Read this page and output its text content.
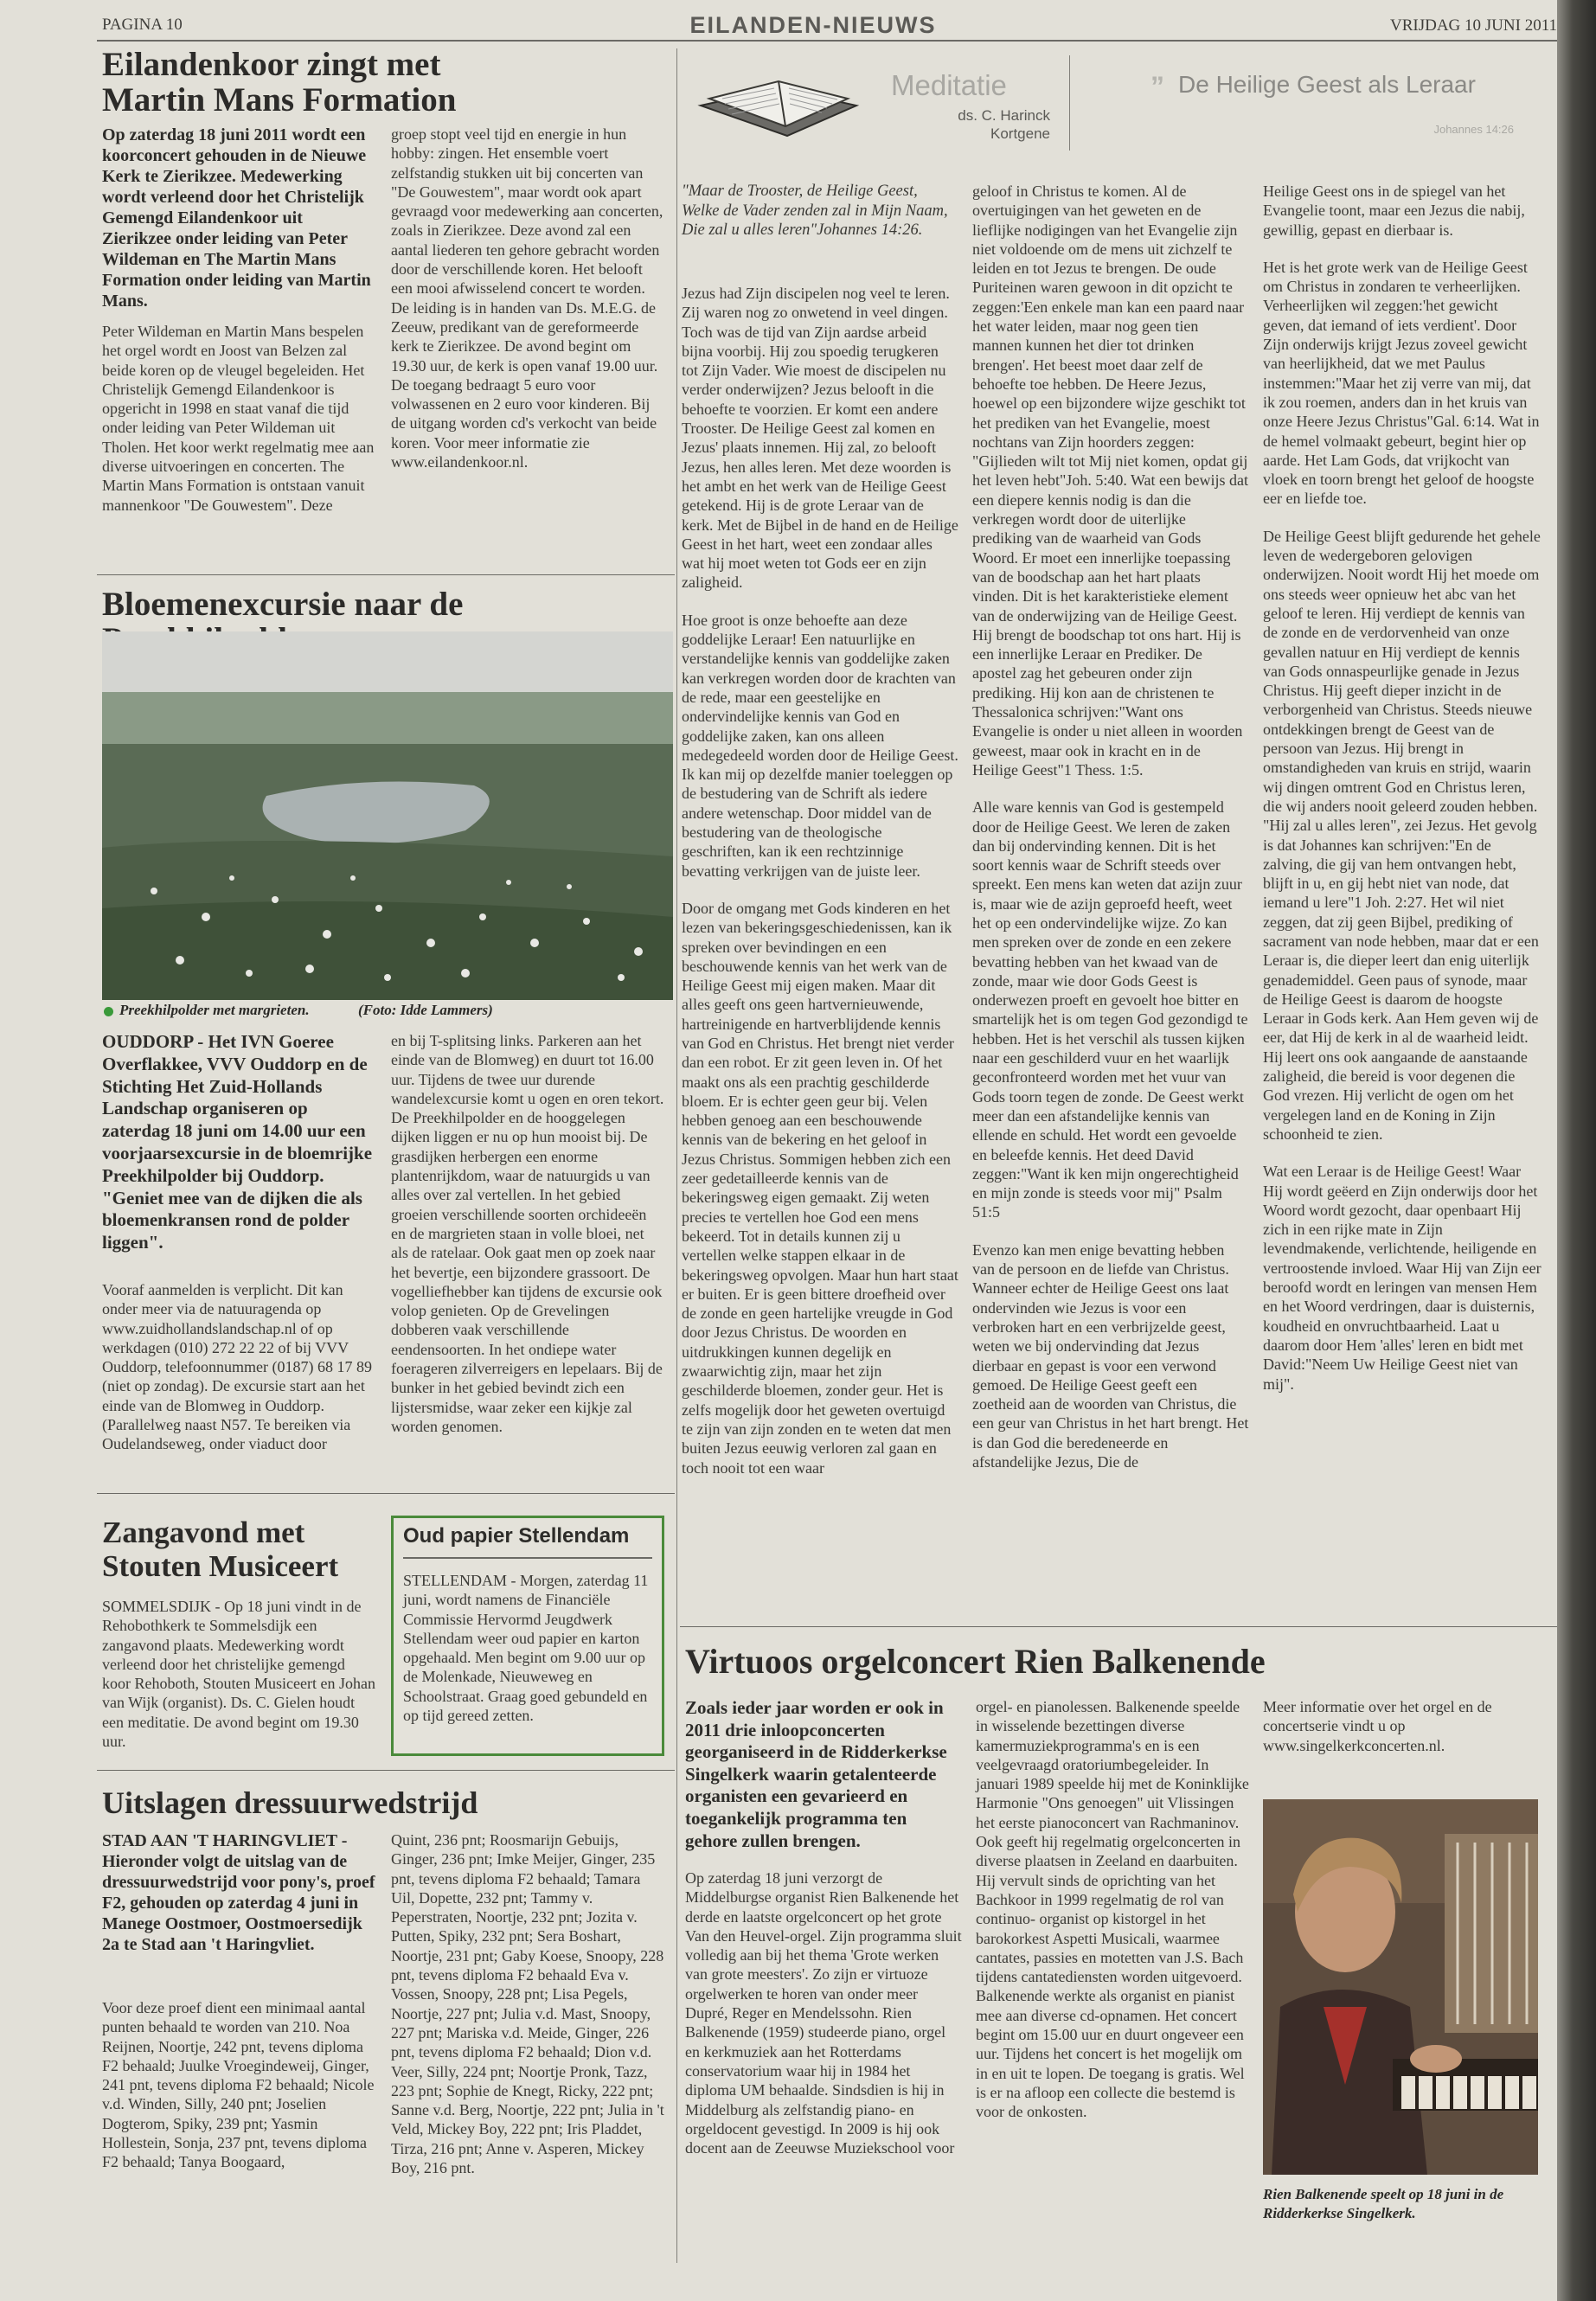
PAGINA 10	EILANDEN-NIEUWS	VRIJDAG 10 JUNI 2011
Eilandenkoor zingt met Martin Mans Formation
Op zaterdag 18 juni 2011 wordt een koorconcert gehouden in de Nieuwe Kerk te Zierikzee. Medewerking wordt verleend door het Christelijk Gemengd Eilandenkoor uit Zierikzee onder leiding van Peter Wildeman en The Martin Mans Formation onder leiding van Martin Mans.
Peter Wildeman en Martin Mans bespelen het orgel wordt en Joost van Belzen zal beide koren op de vleugel begeleiden. Het Christelijk Gemengd Eilandenkoor is opgericht in 1998 en staat vanaf die tijd onder leiding van Peter Wildeman uit Tholen. Het koor werkt regelmatig mee aan diverse uitvoeringen en concerten. The Martin Mans Formation is ontstaan vanuit mannenkoor "De Gouwestem". Deze
groep stopt veel tijd en energie in hun hobby: zingen. Het ensemble voert zelfstandig stukken uit bij concerten van "De Gouwestem", maar wordt ook apart gevraagd voor medewerking aan concerten, zoals in Zierikzee. Deze avond zal een aantal liederen ten gehore gebracht worden door de verschillende koren. Het belooft een mooi afwisselend concert te worden. De leiding is in handen van Ds. M.E.G. de Zeeuw, predikant van de gereformeerde kerk te Zierikzee. De avond begint om 19.30 uur, de kerk is open vanaf 19.00 uur. De toegang bedraagt 5 euro voor volwassenen en 2 euro voor kinderen. Bij de uitgang worden cd's verkocht van beide koren. Voor meer informatie zie www.eilandenkoor.nl.
Bloemenexcursie naar de
Preekhilpolder met margrieten.	(Foto: Idde Lammers)
OUDDORP - Het IVN Goeree Overflakkee, VVV Ouddorp en de Stichting Het Zuid-Hollands Landschap organiseren op zaterdag 18 juni om 14.00 uur een voorjaarsexcursie in de bloemrijke Preekhilpolder bij Ouddorp. "Geniet mee van de dijken die als bloemenkransen rond de polder liggen".
Vooraf aanmelden is verplicht. Dit kan onder meer via de natuuragenda op www.zuidhollandslandschap.nl of op werkdagen (010) 272 22 22 of bij VVV Ouddorp, telefoonnummer (0187) 68 17 89 (niet op zondag). De excursie start aan het einde van de Blomweg in Ouddorp. (Parallelweg naast N57. Te bereiken via Oudelandseweg, onder viaduct door
en bij T-splitsing links. Parkeren aan het einde van de Blomweg) en duurt tot 16.00 uur. Tijdens de twee uur durende wandelexcursie komt u ogen en oren tekort. De Preekhilpolder en de hooggelegen dijken liggen er nu op hun mooist bij. De grasdijken herbergen een enorme plantenrijkdom, waar de natuurgids u van alles over zal vertellen. In het gebied groeien verschillende soorten orchideeën en de margrieten staan in volle bloei, net als de ratelaar. Ook gaat men op zoek naar het bevertje, een bijzondere grassoort. De vogelliefhebber kan tijdens de excursie ook volop genieten. Op de Grevelingen dobberen vaak verschillende eendensoorten. In het ondiepe water foerageren zilverreigers en lepelaars. Bij de bunker in het gebied bevindt zich een lijstersmidse, waar zeker een kijkje zal worden genomen.
Zangavond met Stouten Musiceert
SOMMELSDIJK - Op 18 juni vindt in de Rehobothkerk te Sommelsdijk een zangavond plaats. Medewerking wordt verleend door het christelijke gemengd koor Rehoboth, Stouten Musiceert en Johan van Wijk (organist). Ds. C. Gielen houdt een meditatie. De avond begint om 19.30 uur.
Oud papier Stellendam
STELLENDAM - Morgen, zaterdag 11 juni, wordt namens de Financiële Commissie Hervormd Jeugdwerk Stellendam weer oud papier en karton opgehaald. Men begint om 9.00 uur op de Molenkade, Nieuweweg en Schoolstraat. Graag goed gebundeld en op tijd gereed zetten.
Uitslagen dressuurwedstrijd
STAD AAN 'T HARINGVLIET - Hieronder volgt de uitslag van de dressuurwedstrijd voor pony's, proef F2, gehouden op zaterdag 4 juni in Manege Oostmoer, Oostmoersedijk 2a te Stad aan 't Haringvliet.
Voor deze proef dient een minimaal aantal punten behaald te worden van 210. Noa Reijnen, Noortje, 242 pnt, tevens diploma F2 behaald; Juulke Vroegindeweij, Ginger, 241 pnt, tevens diploma F2 behaald; Nicole v.d. Winden, Silly, 240 pnt; Joselien Dogterom, Spiky, 239 pnt; Yasmin Hollestein, Sonja, 237 pnt, tevens diploma F2 behaald; Tanya Boogaard,
Quint, 236 pnt; Roosmarijn Gebuijs, Ginger, 236 pnt; Imke Meijer, Ginger, 235 pnt, tevens diploma F2 behaald; Tamara Uil, Dopette, 232 pnt; Tammy v. Peperstraten, Noortje, 232 pnt; Jozita v. Putten, Spiky, 232 pnt; Sera Boshart, Noortje, 231 pnt; Gaby Koese, Snoopy, 228 pnt, tevens diploma F2 behaald Eva v. Vossen, Snoopy, 228 pnt; Lisa Pegels, Noortje, 227 pnt; Julia v.d. Mast, Snoopy, 227 pnt; Mariska v.d. Meide, Ginger, 226 pnt, tevens diploma F2 behaald; Dion v.d. Veer, Silly, 224 pnt; Noortje Pronk, Tazz, 223 pnt; Sophie de Knegt, Ricky, 222 pnt; Sanne v.d. Berg, Noortje, 222 pnt; Julia in 't Veld, Mickey Boy, 222 pnt; Iris Pladdet, Tirza, 216 pnt; Anne v. Asperen, Mickey Boy, 216 pnt.
Meditatie
ds. C. Harinck
Kortgene
” De Heilige Geest als Leraar
Johannes 14:26
"Maar de Trooster, de Heilige Geest, Welke de Vader zenden zal in Mijn Naam, Die zal u alles leren"Johannes 14:26.

Jezus had Zijn discipelen nog veel te leren. Zij waren nog zo onwetend in veel dingen. Toch was de tijd van Zijn aardse arbeid bijna voorbij. Hij zou spoedig terugkeren tot Zijn Vader. Wie moest de discipelen nu verder onderwijzen? Jezus belooft in die behoefte te voorzien. Er komt een andere Trooster. De Heilige Geest zal komen en Jezus' plaats innemen. Hij zal, zo belooft Jezus, hen alles leren. Met deze woorden is het ambt en het werk van de Heilige Geest getekend. Hij is de grote Leraar van de kerk. Met de Bijbel in de hand en de Heilige Geest in het hart, weet een zondaar alles wat hij moet weten tot Gods eer en zijn zaligheid.

Hoe groot is onze behoefte aan deze goddelijke Leraar! Een natuurlijke en verstandelijke kennis van goddelijke zaken kan verkregen worden door de krachten van de rede, maar een geestelijke en ondervindelijke kennis van God en goddelijke zaken, kan ons alleen medegedeeld worden door de Heilige Geest. Ik kan mij op dezelfde manier toeleggen op de bestudering van de Schrift als iedere andere wetenschap. Door middel van de bestudering van de theologische geschriften, kan ik een rechtzinnige bevatting verkrijgen van de juiste leer.

Door de omgang met Gods kinderen en het lezen van bekeringsgeschiedenissen, kan ik spreken over bevindingen en een beschouwende kennis van het werk van de Heilige Geest mij eigen maken. Maar dit alles geeft ons geen hartvernieuwende, hartreinigende en hartverblijdende kennis van God en Christus. Het brengt niet verder dan een robot. Er zit geen leven in. Of het maakt ons als een prachtig geschilderde bloem. Er is echter geen geur bij. Velen hebben genoeg aan een beschouwende kennis van de bekering en het geloof in Jezus Christus. Sommigen hebben zich een zeer gedetailleerde kennis van de bekeringsweg eigen gemaakt. Zij weten precies te vertellen hoe God een mens bekeerd. Tot in details kunnen zij u vertellen welke stappen elkaar in de bekeringsweg opvolgen. Maar hun hart staat er buiten. Er is geen bittere droefheid over de zonde en geen hartelijke vreugde in God door Jezus Christus. De woorden en uitdrukkingen kunnen degelijk en zwaarwichtig zijn, maar het zijn geschilderde bloemen, zonder geur. Het is zelfs mogelijk door het geweten overtuigd te zijn van zijn zonden en te weten dat men buiten Jezus eeuwig verloren zal gaan en toch nooit tot een waar

geloof in Christus te komen. Al de overtuigingen van het geweten en de lieflijke nodigingen van het Evangelie zijn niet voldoende om de mens uit zichzelf te leiden en tot Jezus te brengen. De oude Puriteinen waren gewoon in dit opzicht te zeggen:'Een enkele man kan een paard naar het water leiden, maar nog geen tien mannen kunnen het dier tot drinken brengen'. Het beest moet daar zelf de behoefte toe hebben. De Heere Jezus, hoewel op een bijzondere wijze geschikt tot het prediken van het Evangelie, moest nochtans van Zijn hoorders zeggen: "Gijlieden wilt tot Mij niet komen, opdat gij het leven hebt"Joh. 5:40. Wat een bewijs dat een diepere kennis nodig is dan die verkregen wordt door de uiterlijke prediking van de waarheid van Gods Woord. Er moet een innerlijke toepassing van de boodschap aan het hart plaats vinden. Dit is het karakteristieke element van de onderwijzing van de Heilige Geest. Hij brengt de boodschap tot ons hart. Hij is een innerlijke Leraar en Prediker. De apostel zag het gebeuren onder zijn prediking. Hij kon aan de christenen te Thessalonica schrijven:"Want ons Evangelie is onder u niet alleen in woorden geweest, maar ook in kracht en in de Heilige Geest"1 Thess. 1:5.

Alle ware kennis van God is gestempeld door de Heilige Geest. We leren de zaken dan bij ondervinding kennen. Dit is het soort kennis waar de Schrift steeds over spreekt. Een mens kan weten dat azijn zuur is, maar wie de azijn geproefd heeft, weet het op een ondervindelijke wijze. Zo kan men spreken over de zonde en een zekere bevatting hebben van het kwaad van de zonde, maar wie door Gods Geest is onderwezen proeft en gevoelt hoe bitter en smartelijk het is om tegen God gezondigd te hebben. Het is het verschil als tussen kijken naar een geschilderd vuur en het waarlijk geconfronteerd worden met het vuur van Gods toorn tegen de zonde. De Geest werkt meer dan een afstandelijke kennis van ellende en schuld. Het wordt een gevoelde en beleefde kennis. Het deed David zeggen:"Want ik ken mijn ongerechtigheid en mijn zonde is steeds voor mij" Psalm 51:5

Evenzo kan men enige bevatting hebben van de persoon en de liefde van Christus. Wanneer echter de Heilige Geest ons laat ondervinden wie Jezus is voor een verbroken hart en een verbrijzelde geest, weten we bij ondervinding dat Jezus dierbaar en gepast is voor een verwond gemoed. De Heilige Geest geeft een zoetheid aan de woorden van Christus, die een geur van Christus in het hart brengt. Het is dan God die beredeneerde en afstandelijke Jezus, Die de

Heilige Geest ons in de spiegel van het Evangelie toont, maar een Jezus die nabij, gewillig, gepast en dierbaar is.

Het is het grote werk van de Heilige Geest om Christus in zondaren te verheerlijken. Verheerlijken wil zeggen:'het gewicht geven, dat iemand of iets verdient'. Door Zijn onderwijs krijgt Jezus zoveel gewicht van heerlijkheid, dat we met Paulus instemmen:"Maar het zij verre van mij, dat ik zou roemen, anders dan in het kruis van onze Heere Jezus Christus"Gal. 6:14. Wat in de hemel volmaakt gebeurt, begint hier op aarde. Het Lam Gods, dat vrijkocht van vloek en toorn brengt het geloof de hoogste eer en liefde toe.

De Heilige Geest blijft gedurende het gehele leven de wedergeboren gelovigen onderwijzen. Nooit wordt Hij het moede om ons steeds weer opnieuw het abc van het geloof te leren. Hij verdiept de kennis van de zonde en de verdorvenheid van onze gevallen natuur en Hij verdiept de kennis van Gods onnaspeurlijke genade in Jezus Christus. Hij geeft dieper inzicht in de verborgenheid van Christus. Steeds nieuwe ontdekkingen brengt de Geest van de persoon van Jezus. Hij brengt in omstandigheden van kruis en strijd, waarin wij dingen omtrent God en Christus leren, die wij anders nooit geleerd zouden hebben. "Hij zal u alles leren", zei Jezus. Het gevolg is dat Johannes kan schrijven:"En de zalving, die gij van hem ontvangen hebt, blijft in u, en gij hebt niet van node, dat iemand u lere"1 Joh. 2:27. Het wil niet zeggen, dat zij geen Bijbel, prediking of sacrament van node hebben, maar dat er een Leraar is, die dieper leert dan enig uiterlijk genademiddel. Geen paus of synode, maar de Heilige Geest is daarom de hoogste Leraar in Gods kerk. Aan Hem geven wij de eer, dat Hij de kerk in al de waarheid leidt. Hij leert ons ook aangaande de aanstaande zaligheid, die bereid is voor degenen die God vrezen. Hij verlicht de ogen om het vergelegen land en de Koning in Zijn schoonheid te zien.

Wat een Leraar is de Heilige Geest! Waar Hij wordt geëerd en Zijn onderwijs door het Woord wordt gezocht, daar openbaart Hij zich in een rijke mate in Zijn levendmakende, verlichtende, heiligende en vertroostende invloed. Waar Hij van Zijn eer beroofd wordt en leringen van mensen Hem en het Woord verdringen, daar is duisternis, koudheid en onvruchtbaarheid. Laat u daarom door Hem 'alles' leren en bidt met David:"Neem Uw Heilige Geest niet van mij".

Virtuoos orgelconcert Rien Balkenende
Zoals ieder jaar worden er ook in 2011 drie inloopconcerten georganiseerd in de Ridderkerkse Singelkerk waarin getalenteerde organisten een gevarieerd en toegankelijk programma ten gehore zullen brengen.
Op zaterdag 18 juni verzorgt de Middelburgse organist Rien Balkenende het derde en laatste orgelconcert op het grote Van den Heuvel-orgel. Zijn programma sluit volledig aan bij het thema 'Grote werken van grote meesters'. Zo zijn er virtuoze orgelwerken te horen van onder meer Dupré, Reger en Mendelssohn. Rien Balkenende (1959) studeerde piano, orgel en kerkmuziek aan het Rotterdams conservatorium waar hij in 1984 het diploma UM behaalde. Sindsdien is hij in Middelburg als zelfstandig piano- en orgeldocent gevestigd. In 2009 is hij ook docent aan de Zeeuwse Muziekschool voor
orgel- en pianolessen. Balkenende speelde in wisselende bezettingen diverse kamermuziekprogramma's en is een veelgevraagd oratoriumbegeleider. In januari 1989 speelde hij met de Koninklijke Harmonie "Ons genoegen" uit Vlissingen het eerste pianoconcert van Rachmaninov. Ook geeft hij regelmatig orgelconcerten in diverse plaatsen in Zeeland en daarbuiten. Hij vervult sinds de oprichting van het Bachkoor in 1999 regelmatig de rol van continuo- organist op kistorgel in het barokorkest Aspetti Musicali, waarmee cantates, passies en motetten van J.S. Bach tijdens cantatediensten worden uitgevoerd. Balkenende werkte als organist en pianist mee aan diverse cd-opnamen. Het concert begint om 15.00 uur en duurt ongeveer een uur. Tijdens het concert is het mogelijk om in en uit te lopen. De toegang is gratis. Wel is er na afloop een collecte die bestemd is voor de onkosten.
Meer informatie over het orgel en de concertserie vindt u op www.singelkerkconcerten.nl.
Rien Balkenende speelt op 18 juni in de Ridderkerkse Singelkerk.
